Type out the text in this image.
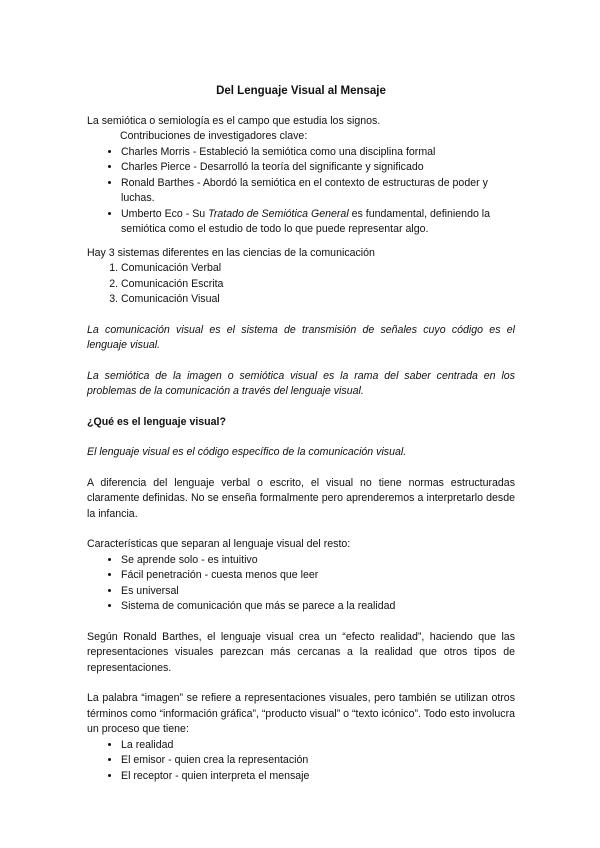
Del Lenguaje Visual al Mensaje

La semiótica o semiología es el campo que estudia los signos.

Contribuciones de investigadores clave:

• Charles Morris - Estableció la semiótica como una disciplina formal
• Charles Pierce - Desarrolló la teoría del significante y significado
• Ronald Barthes - Abordó la semiótica en el contexto de estructuras de poder y luchas.
• Umberto Eco - Su Tratado de Semiótica General es fundamental, definiendo la semiótica como el estudio de todo lo que puede representar algo.

Hay 3 sistemas diferentes en las ciencias de la comunicación

1. Comunicación Verbal
2. Comunicación Escrita
3. Comunicación Visual

La comunicación visual es el sistema de transmisión de señales cuyo código es el lenguaje visual.

La semiótica de la imagen o semiótica visual es la rama del saber centrada en los problemas de la comunicación a través del lenguaje visual.

¿Qué es el lenguaje visual?

El lenguaje visual es el código específico de la comunicación visual.

A diferencia del lenguaje verbal o escrito, el visual no tiene normas estructuradas claramente definidas. No se enseña formalmente pero aprenderemos a interpretarlo desde la infancia.

Características que separan al lenguaje visual del resto:

• Se aprende solo - es intuitivo
• Fácil penetración - cuesta menos que leer
• Es universal
• Sistema de comunicación que más se parece a la realidad

Según Ronald Barthes, el lenguaje visual crea un “efecto realidad”, haciendo que las representaciones visuales parezcan más cercanas a la realidad que otros tipos de representaciones.

La palabra “imagen” se refiere a representaciones visuales, pero también se utilizan otros términos como “información gráfica”, “producto visual” o “texto icónico”. Todo esto involucra un proceso que tiene:

• La realidad
• El emisor - quien crea la representación
• El receptor - quien interpreta el mensaje
